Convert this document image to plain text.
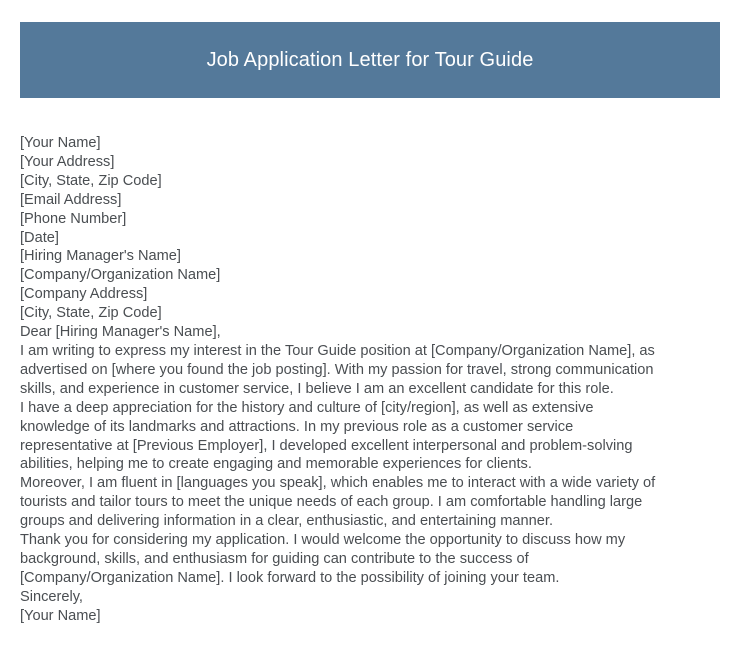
Job Application Letter for Tour Guide
[Your Name]
[Your Address]
[City, State, Zip Code]
[Email Address]
[Phone Number]
[Date]
[Hiring Manager's Name]
[Company/Organization Name]
[Company Address]
[City, State, Zip Code]
Dear [Hiring Manager's Name],
I am writing to express my interest in the Tour Guide position at [Company/Organization Name], as
advertised on [where you found the job posting]. With my passion for travel, strong communication
skills, and experience in customer service, I believe I am an excellent candidate for this role.
I have a deep appreciation for the history and culture of [city/region], as well as extensive
knowledge of its landmarks and attractions. In my previous role as a customer service
representative at [Previous Employer], I developed excellent interpersonal and problem-solving
abilities, helping me to create engaging and memorable experiences for clients.
Moreover, I am fluent in [languages you speak], which enables me to interact with a wide variety of
tourists and tailor tours to meet the unique needs of each group. I am comfortable handling large
groups and delivering information in a clear, enthusiastic, and entertaining manner.
Thank you for considering my application. I would welcome the opportunity to discuss how my
background, skills, and enthusiasm for guiding can contribute to the success of
[Company/Organization Name]. I look forward to the possibility of joining your team.
Sincerely,
[Your Name]
